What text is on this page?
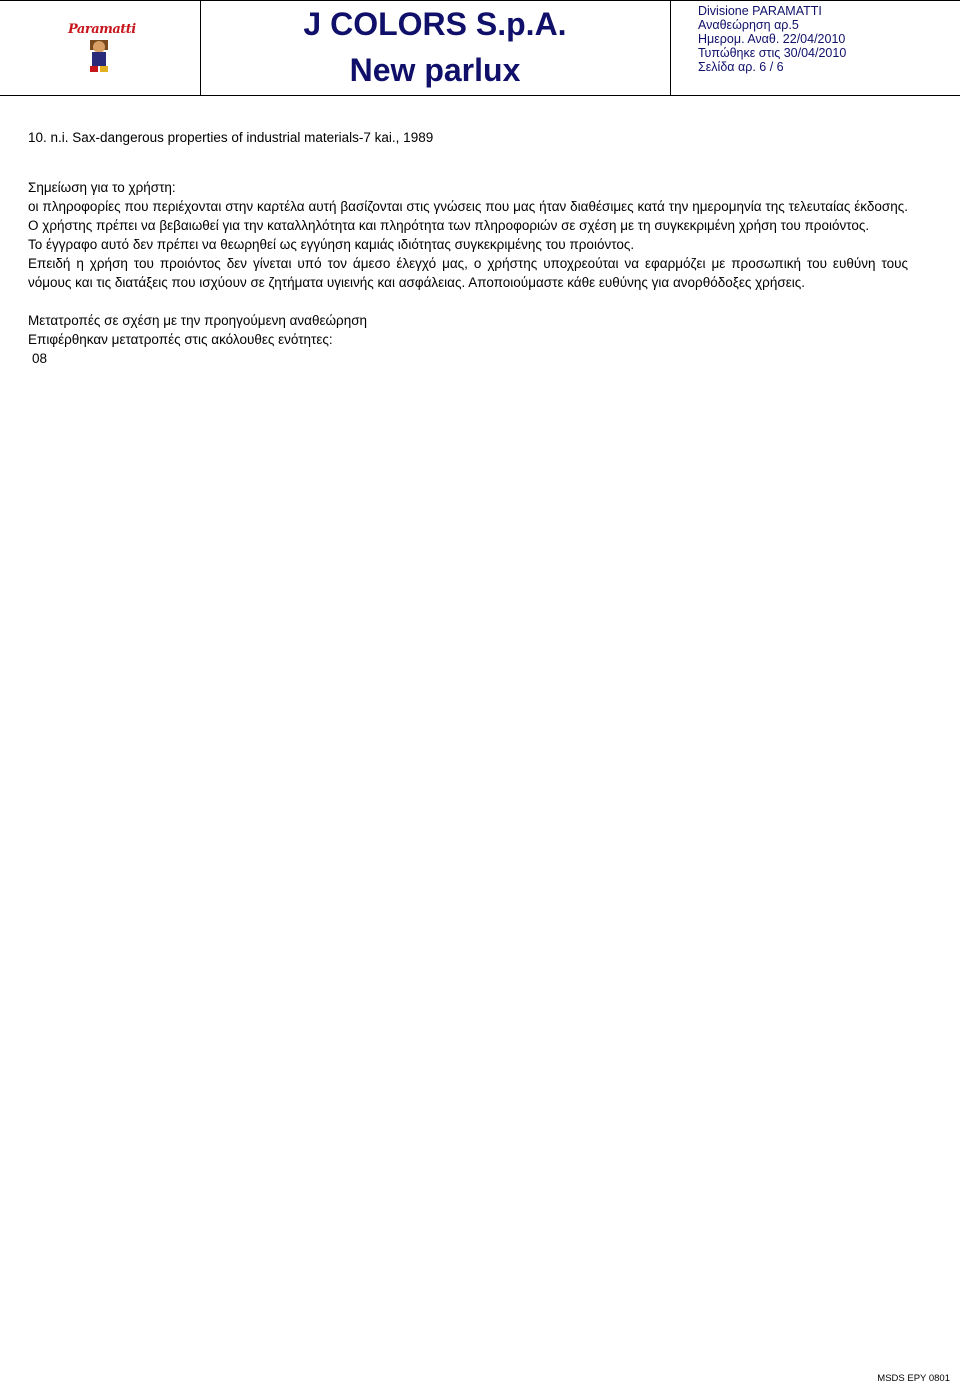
Paramatti	J COLORS S.p.A.
New parlux
Divisione PARAMATTI
Αναθεώρηση αρ.5
Ημερομ. Αναθ. 22/04/2010
Τυπώθηκε στις 30/04/2010
Σελίδα αρ. 6 / 6

10. n.i. Sax-dangerous properties of industrial materials-7 kai., 1989

Σημείωση για το χρήστη:

οι πληροφορίες που περιέχονται στην καρτέλα αυτή βασίζονται στις γνώσεις που μας ήταν διαθέσιμες κατά την ημερομηνία της τελευταίας έκδοσης. Ο χρήστης πρέπει να βεβαιωθεί για την καταλληλότητα και πληρότητα των πληροφοριών σε σχέση με τη συγκεκριμένη χρήση του προιόντος.

Το έγγραφο αυτό δεν πρέπει να θεωρηθεί ως εγγύηση καμιάς ιδιότητας συγκεκριμένης του προιόντος.

Επειδή η χρήση του προιόντος δεν γίνεται υπό τον άμεσο έλεγχό μας, ο χρήστης υποχρεούται να εφαρμόζει με προσωπική του ευθύνη τους νόμους και τις διατάξεις που ισχύουν σε ζητήματα υγιεινής και ασφάλειας. Αποποιούμαστε κάθε ευθύνης για ανορθόδοξες χρήσεις.

Μετατροπές σε σχέση με την προηγούμενη αναθεώρηση

Επιφέρθηκαν μετατροπές στις ακόλουθες ενότητες:

08

MSDS EPY 0801
